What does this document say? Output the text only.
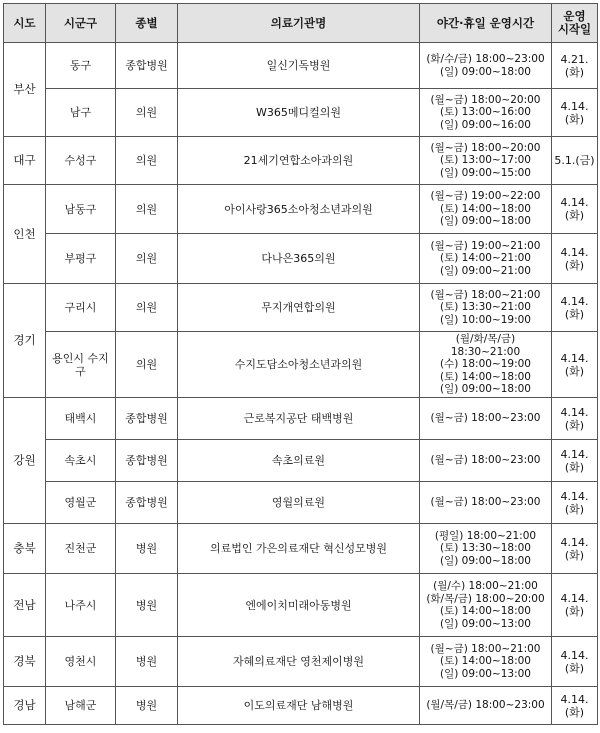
시도	시군구	종별	의료기관명	야간·휴일 운영시간	운영
시작일
부산	동구	종합병원	일신기독병원	(화/수/금) 18:00~23:00
(일) 09:00~18:00	4.21.(화)
	남구	의원	W365메디컬의원	(월~금) 18:00~20:00
(토) 13:00~16:00
(일) 09:00~16:00	4.14.(화)
대구	수성구	의원	21세기연합소아과의원	(월~금) 18:00~20:00
(토) 13:00~17:00
(일) 09:00~15:00	5.1.(금)
인천	남동구	의원	아이사랑365소아청소년과의원	(월~금) 19:00~22:00
(토) 14:00~18:00
(일) 09:00~18:00	4.14.(화)
	부평구	의원	다나은365의원	(월~금) 19:00~21:00
(토) 14:00~21:00
(일) 09:00~21:00	4.14.(화)
경기	구리시	의원	무지개연합의원	(월~금) 18:00~21:00
(토) 13:30~21:00
(일) 10:00~19:00	4.14.(화)
	용인시 수지구	의원	수지도담소아청소년과의원	(월/화/목/금) 18:30~21:00
(수) 18:00~19:00
(토) 14:00~18:00
(일) 09:00~18:00	4.14.(화)
강원	태백시	종합병원	근로복지공단 태백병원	(월~금) 18:00~23:00	4.14.(화)
	속초시	종합병원	속초의료원	(월~금) 18:00~23:00	4.14.(화)
	영월군	종합병원	영월의료원	(월~금) 18:00~23:00	4.14.(화)
충북	진천군	병원	의료법인 가은의료재단 혁신성모병원	(평일) 18:00~21:00
(토) 13:30~18:00
(일) 09:00~18:00	4.14.(화)
전남	나주시	병원	엔에이치미래아동병원	(월/수) 18:00~21:00
(화/목/금) 18:00~20:00
(토) 14:00~18:00
(일) 09:00~13:00	4.14.(화)
경북	영천시	병원	자혜의료재단 영천제이병원	(월~금) 18:00~21:00
(토) 14:00~18:00
(일) 09:00~13:00	4.14.(화)
경남	남해군	병원	이도의료재단 남해병원	(월/목/금) 18:00~23:00	4.14.(화)
